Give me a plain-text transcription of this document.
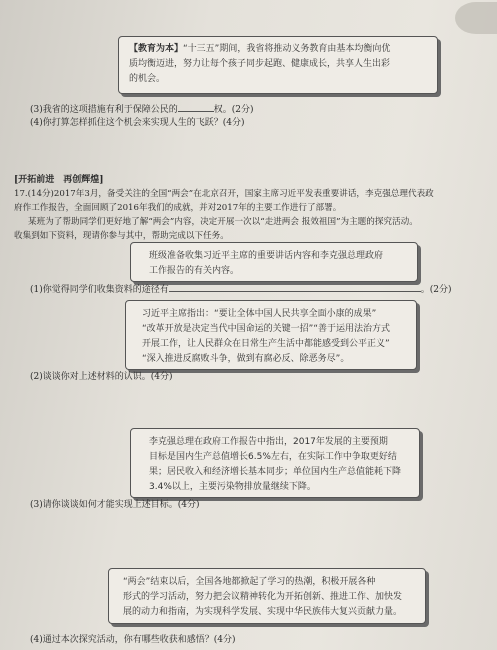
【教育为本】“十三五”期间，我省将推动义务教育由基本均衡向优
质均衡迈进，努力让每个孩子同步起跑、健康成长，共享人生出彩
的机会。
(3)我省的这项措施有利于保障公民的	权。(2分)
(4)你打算怎样抓住这个机会来实现人生的飞跃？(4分)
[开拓前进　再创辉煌]
17.(14分)2017年3月，备受关注的全国“两会”在北京召开，国家主席习近平发表重要讲话，李克强总理代表政
府作工作报告，全面回顾了2016年我们的成就，并对2017年的主要工作进行了部署。
某班为了帮助同学们更好地了解“两会”内容，决定开展一次以“走进两会 报效祖国”为主题的探究活动。
收集到如下资料，现请你参与其中，帮助完成以下任务。
班级准备收集习近平主席的重要讲话内容和李克强总理政府
工作报告的有关内容。
(1)你觉得同学们收集资料的途径有	。(2分)
习近平主席指出：“要让全体中国人民共享全面小康的成果”
“改革开放是决定当代中国命运的关键一招”“善于运用法治方式
开展工作，让人民群众在日常生产生活中都能感受到公平正义”
“深入推进反腐败斗争，做到有腐必反、除恶务尽”。
(2)谈谈你对上述材料的认识。(4分)
李克强总理在政府工作报告中指出，2017年发展的主要预期
目标是国内生产总值增长6.5%左右，在实际工作中争取更好结
果；居民收入和经济增长基本同步；单位国内生产总值能耗下降
3.4%以上，主要污染物排放量继续下降。
(3)请你谈谈如何才能实现上述目标。(4分)
“两会”结束以后，全国各地都掀起了学习的热潮，积极开展各种
形式的学习活动，努力把会议精神转化为开拓创新、推进工作、加快发
展的动力和指南，为实现科学发展、实现中华民族伟大复兴贡献力量。
(4)通过本次探究活动，你有哪些收获和感悟？(4分)
